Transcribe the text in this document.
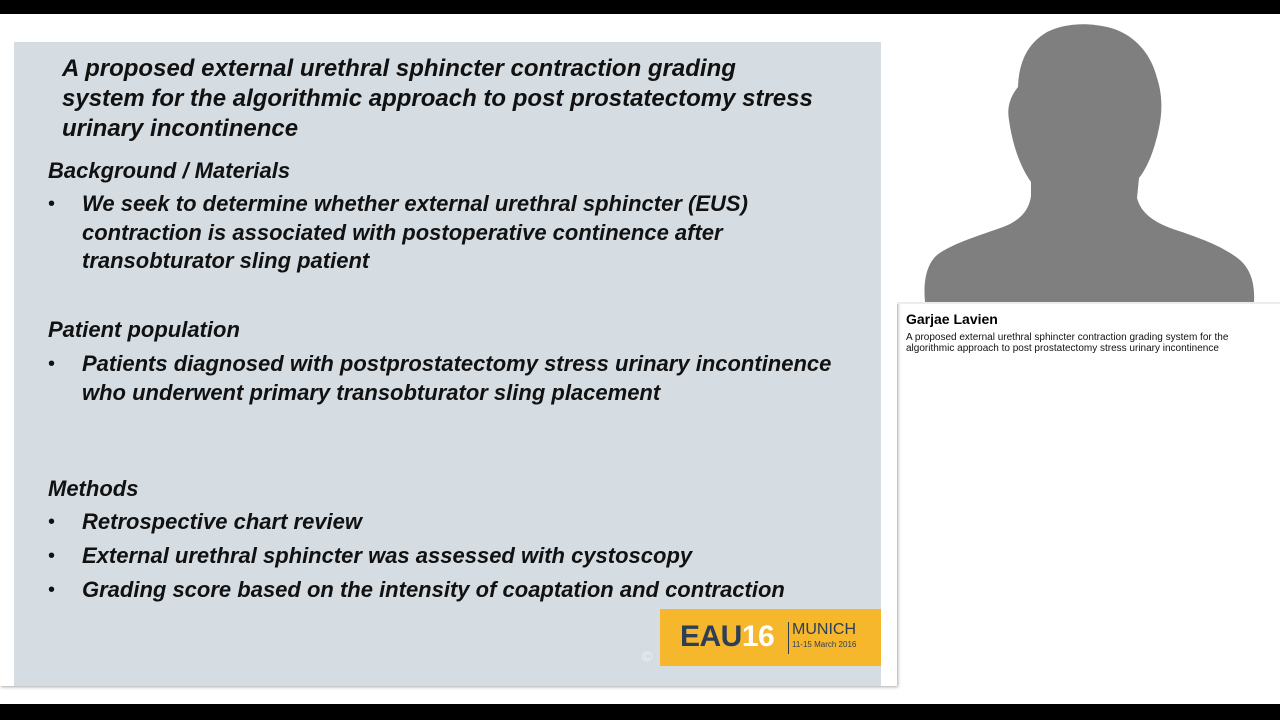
A proposed external urethral sphincter contraction grading system for the algorithmic approach to post prostatectomy stress urinary incontinence
Background / Materials
• We seek to determine whether external urethral sphincter (EUS) contraction is associated with postoperative continence after transobturator sling patient
Patient population
• Patients diagnosed with postprostatectomy stress urinary incontinence who underwent primary transobturator sling placement
Methods
• Retrospective chart review
• External urethral sphincter was assessed with cystoscopy
• Grading score based on the intensity of coaptation and contraction
©
EAU16 MUNICH
11-15 March 2016
Garjae Lavien

A proposed external urethral sphincter contraction grading system for the algorithmic approach to post prostatectomy stress urinary incontinence
